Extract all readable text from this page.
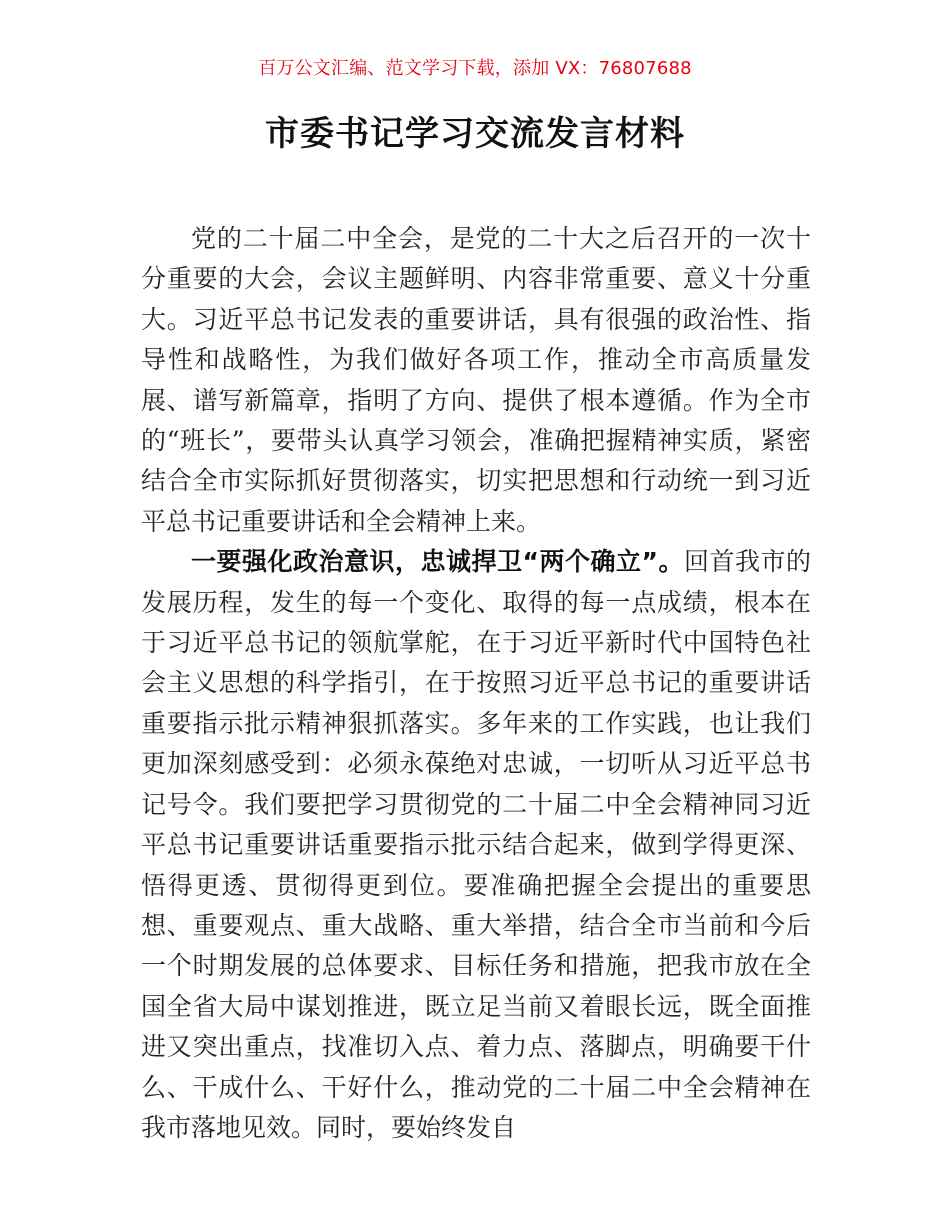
百万公文汇编、范文学习下载，添加 VX：76807688
市委书记学习交流发言材料

党的二十届二中全会，是党的二十大之后召开的一次十分重要的大会，会议主题鲜明、内容非常重要、意义十分重大。习近平总书记发表的重要讲话，具有很强的政治性、指导性和战略性，为我们做好各项工作，推动全市高质量发展、谱写新篇章，指明了方向、提供了根本遵循。作为全市的“班长”，要带头认真学习领会，准确把握精神实质，紧密结合全市实际抓好贯彻落实，切实把思想和行动统一到习近平总书记重要讲话和全会精神上来。

一要强化政治意识，忠诚捍卫“两个确立”。回首我市的发展历程，发生的每一个变化、取得的每一点成绩，根本在于习近平总书记的领航掌舵，在于习近平新时代中国特色社会主义思想的科学指引，在于按照习近平总书记的重要讲话重要指示批示精神狠抓落实。多年来的工作实践，也让我们更加深刻感受到：必须永葆绝对忠诚，一切听从习近平总书记号令。我们要把学习贯彻党的二十届二中全会精神同习近平总书记重要讲话重要指示批示结合起来，做到学得更深、悟得更透、贯彻得更到位。要准确把握全会提出的重要思想、重要观点、重大战略、重大举措，结合全市当前和今后一个时期发展的总体要求、目标任务和措施，把我市放在全国全省大局中谋划推进，既立足当前又着眼长远，既全面推进又突出重点，找准切入点、着力点、落脚点，明确要干什么、干成什么、干好什么，推动党的二十届二中全会精神在我市落地见效。同时，要始终发自
